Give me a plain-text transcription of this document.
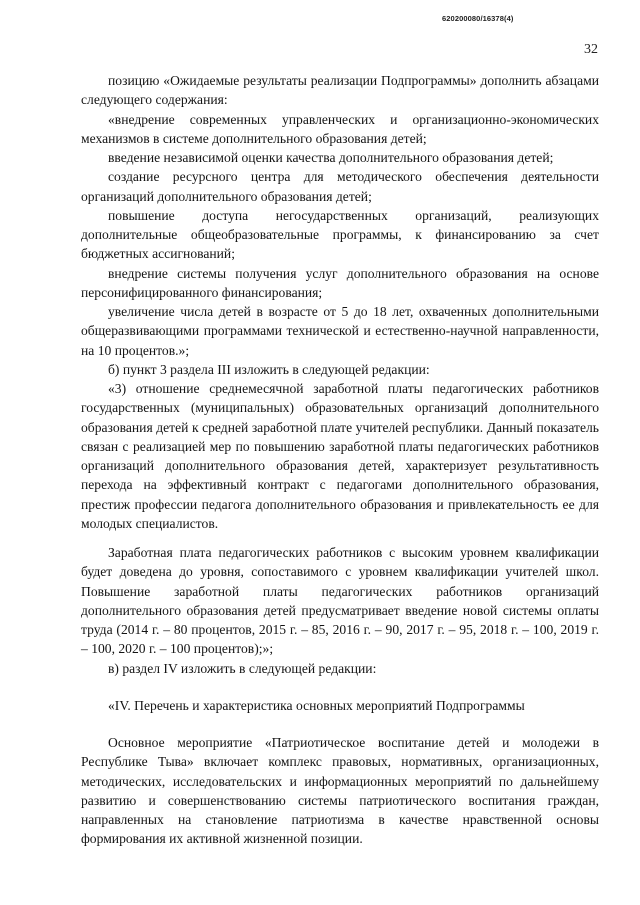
620200080/16378(4)
32

позицию «Ожидаемые результаты реализации Подпрограммы» дополнить абзацами следующего содержания:

«внедрение современных управленческих и организационно-экономических механизмов в системе дополнительного образования детей;

введение независимой оценки качества дополнительного образования детей;

создание ресурсного центра для методического обеспечения деятельности организаций дополнительного образования детей;

повышение доступа негосударственных организаций, реализующих дополнительные общеобразовательные программы, к финансированию за счет бюджетных ассигнований;

внедрение системы получения услуг дополнительного образования на основе персонифицированного финансирования;

увеличение числа детей в возрасте от 5 до 18 лет, охваченных дополнительными общеразвивающими программами технической и естественно-научной направленности, на 10 процентов.»;

б) пункт 3 раздела III изложить в следующей редакции:

«3) отношение среднемесячной заработной платы педагогических работников государственных (муниципальных) образовательных организаций дополнительного образования детей к средней заработной плате учителей республики. Данный показатель связан с реализацией мер по повышению заработной платы педагогических работников организаций дополнительного образования детей, характеризует результативность перехода на эффективный контракт с педагогами дополнительного образования, престиж профессии педагога дополнительного образования и привлекательность ее для молодых специалистов.

Заработная плата педагогических работников с высоким уровнем квалификации будет доведена до уровня, сопоставимого с уровнем квалификации учителей школ. Повышение заработной платы педагогических работников организаций дополнительного образования детей предусматривает введение новой системы оплаты труда (2014 г. – 80 процентов, 2015 г. – 85, 2016 г. – 90, 2017 г. – 95, 2018 г. – 100, 2019 г. – 100, 2020 г. – 100 процентов);»;

в) раздел IV изложить в следующей редакции:

«IV. Перечень и характеристика основных мероприятий Подпрограммы

Основное мероприятие «Патриотическое воспитание детей и молодежи в Республике Тыва» включает комплекс правовых, нормативных, организационных, методических, исследовательских и информационных мероприятий по дальнейшему развитию и совершенствованию системы патриотического воспитания граждан, направленных на становление патриотизма в качестве нравственной основы формирования их активной жизненной позиции.
